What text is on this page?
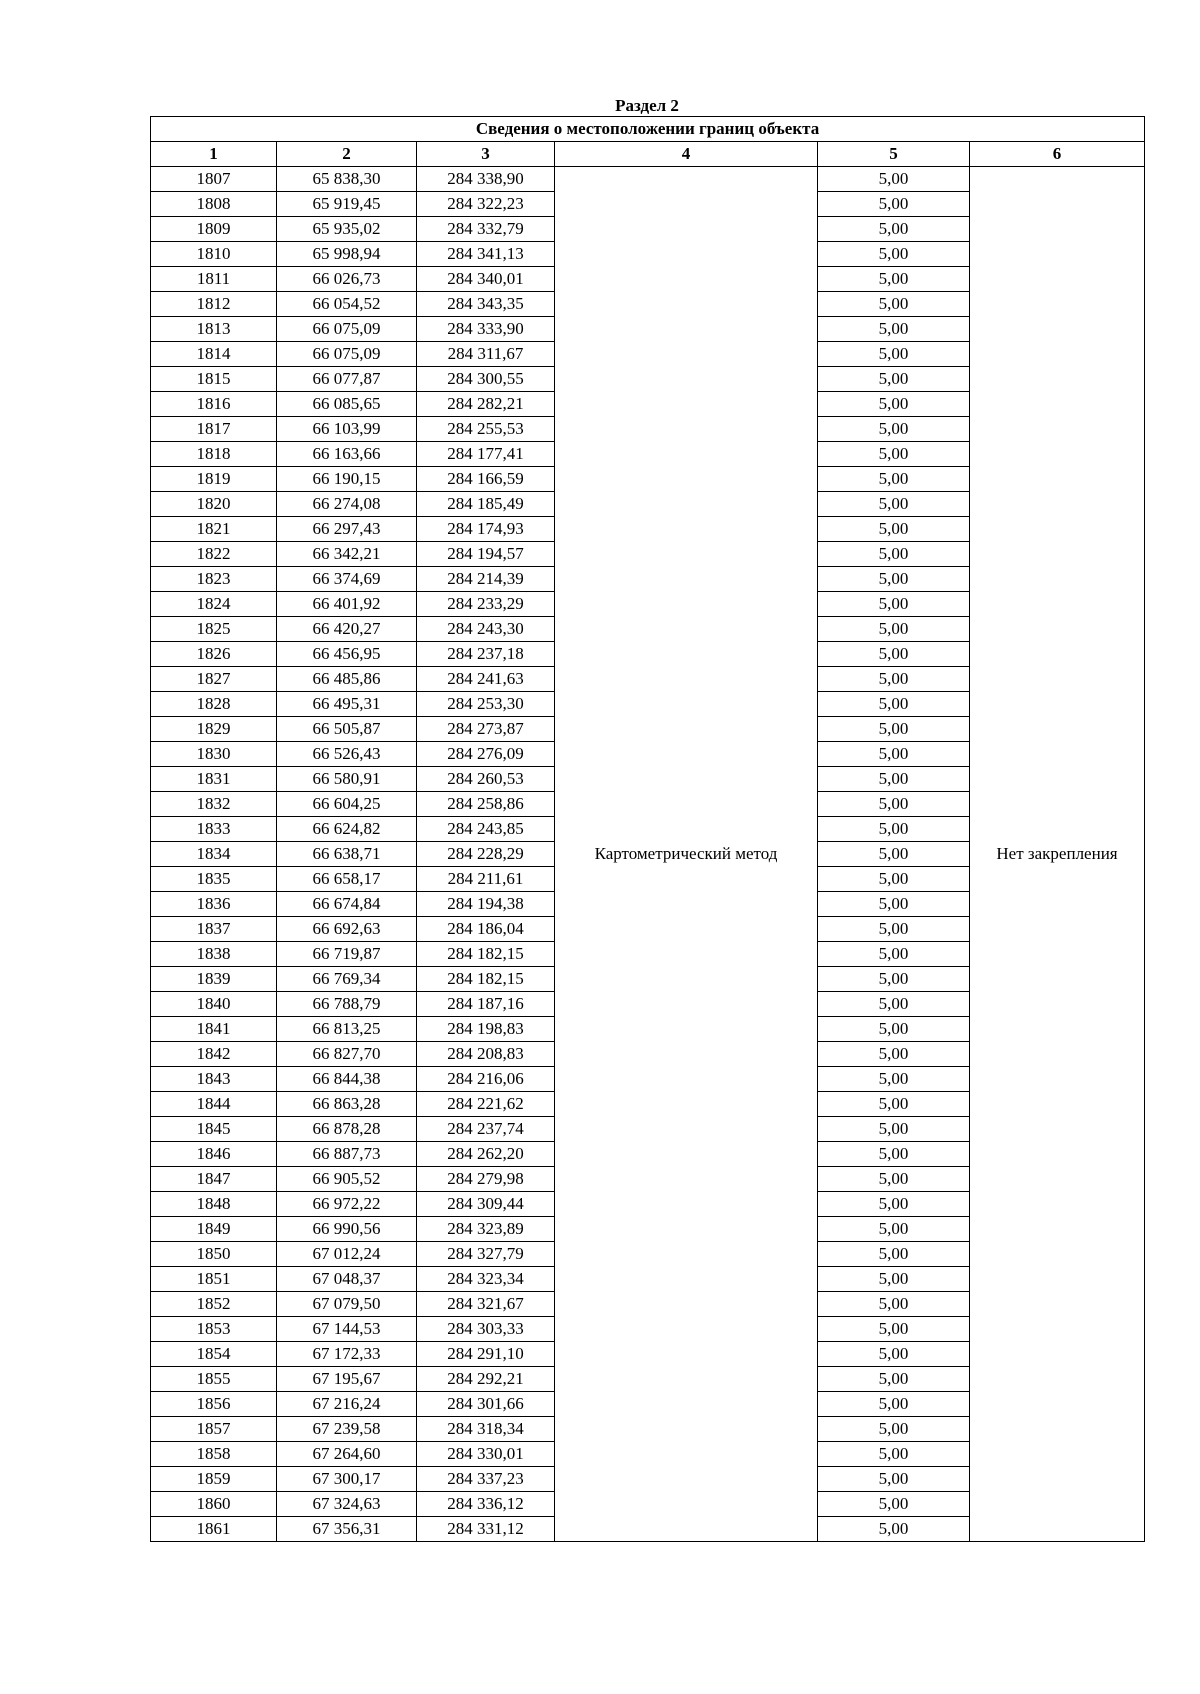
Раздел 2
Сведения о местоположении границ объекта					
1	2	3	4	5	6
1807	65 838,30	284 338,90	Картометрический метод	5,00	Нет закрепления
1808	65 919,45	284 322,23		5,00	
1809	65 935,02	284 332,79		5,00	
1810	65 998,94	284 341,13		5,00	
1811	66 026,73	284 340,01		5,00	
1812	66 054,52	284 343,35		5,00	
1813	66 075,09	284 333,90		5,00	
1814	66 075,09	284 311,67		5,00	
1815	66 077,87	284 300,55		5,00	
1816	66 085,65	284 282,21		5,00	
1817	66 103,99	284 255,53		5,00	
1818	66 163,66	284 177,41		5,00	
1819	66 190,15	284 166,59		5,00	
1820	66 274,08	284 185,49		5,00	
1821	66 297,43	284 174,93		5,00	
1822	66 342,21	284 194,57		5,00	
1823	66 374,69	284 214,39		5,00	
1824	66 401,92	284 233,29		5,00	
1825	66 420,27	284 243,30		5,00	
1826	66 456,95	284 237,18		5,00	
1827	66 485,86	284 241,63		5,00	
1828	66 495,31	284 253,30		5,00	
1829	66 505,87	284 273,87		5,00	
1830	66 526,43	284 276,09		5,00	
1831	66 580,91	284 260,53		5,00	
1832	66 604,25	284 258,86		5,00	
1833	66 624,82	284 243,85		5,00	
1834	66 638,71	284 228,29		5,00	
1835	66 658,17	284 211,61		5,00	
1836	66 674,84	284 194,38		5,00	
1837	66 692,63	284 186,04		5,00	
1838	66 719,87	284 182,15		5,00	
1839	66 769,34	284 182,15		5,00	
1840	66 788,79	284 187,16		5,00	
1841	66 813,25	284 198,83		5,00	
1842	66 827,70	284 208,83		5,00	
1843	66 844,38	284 216,06		5,00	
1844	66 863,28	284 221,62		5,00	
1845	66 878,28	284 237,74		5,00	
1846	66 887,73	284 262,20		5,00	
1847	66 905,52	284 279,98		5,00	
1848	66 972,22	284 309,44		5,00	
1849	66 990,56	284 323,89		5,00	
1850	67 012,24	284 327,79		5,00	
1851	67 048,37	284 323,34		5,00	
1852	67 079,50	284 321,67		5,00	
1853	67 144,53	284 303,33		5,00	
1854	67 172,33	284 291,10		5,00	
1855	67 195,67	284 292,21		5,00	
1856	67 216,24	284 301,66		5,00	
1857	67 239,58	284 318,34		5,00	
1858	67 264,60	284 330,01		5,00	
1859	67 300,17	284 337,23		5,00	
1860	67 324,63	284 336,12		5,00	
1861	67 356,31	284 331,12		5,00	
